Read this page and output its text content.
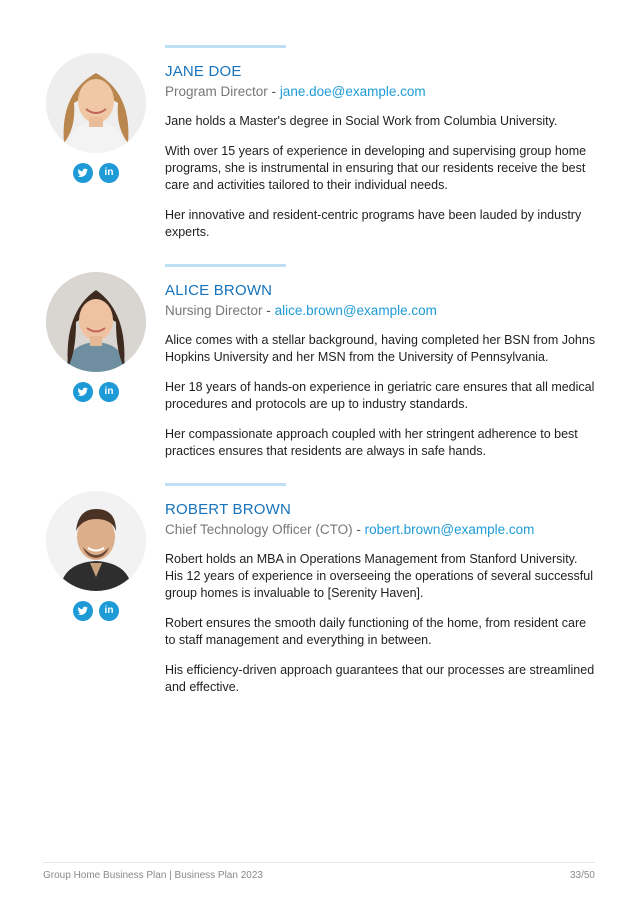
in
JANE DOE
Program Director - jane.doe@example.com

Jane holds a Master's degree in Social Work from Columbia University.

With over 15 years of experience in developing and supervising group home programs, she is instrumental in ensuring that our residents receive the best care and activities tailored to their individual needs.

Her innovative and resident-centric programs have been lauded by industry experts.

in
ALICE BROWN
Nursing Director - alice.brown@example.com

Alice comes with a stellar background, having completed her BSN from Johns Hopkins University and her MSN from the University of Pennsylvania.

Her 18 years of hands-on experience in geriatric care ensures that all medical procedures and protocols are up to industry standards.

Her compassionate approach coupled with her stringent adherence to best practices ensures that residents are always in safe hands.

in
ROBERT BROWN
Chief Technology Officer (CTO) - robert.brown@example.com

Robert holds an MBA in Operations Management from Stanford University. His 12 years of experience in overseeing the operations of several successful group homes is invaluable to [Serenity Haven].

Robert ensures the smooth daily functioning of the home, from resident care to staff management and everything in between.

His efficiency-driven approach guarantees that our processes are streamlined and effective.

Group Home Business Plan | Business Plan 2023	33/50
